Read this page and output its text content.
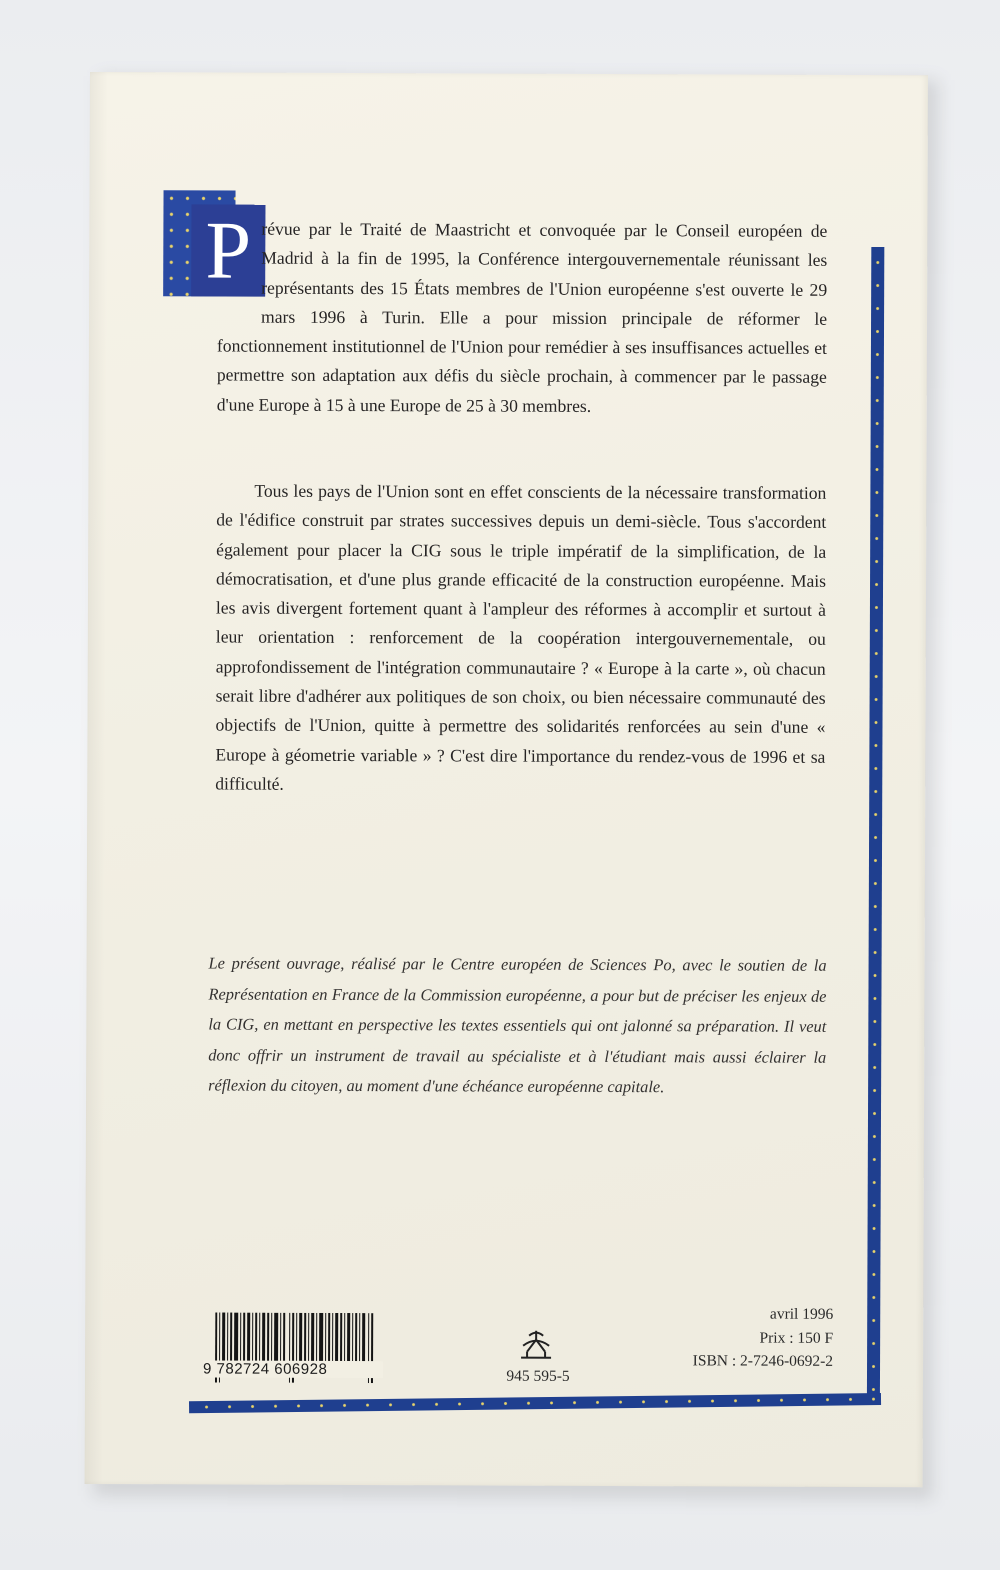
P révue par le Traité de Maastricht et convoquée par le Conseil européen de Madrid à la fin de 1995, la Conférence intergouvernementale réunissant les représentants des 15 États membres de l'Union européenne s'est ouverte le 29 mars 1996 à Turin. Elle a pour mission principale de réformer le fonctionnement institutionnel de l'Union pour remédier à ses insuffisances actuelles et permettre son adaptation aux défis du siècle prochain, à commencer par le passage d'une Europe à 15 à une Europe de 25 à 30 membres.
Tous les pays de l'Union sont en effet conscients de la nécessaire transformation de l'édifice construit par strates successives depuis un demi-siècle. Tous s'accordent également pour placer la CIG sous le triple impératif de la simplification, de la démocratisation, et d'une plus grande efficacité de la construction européenne. Mais les avis divergent fortement quant à l'ampleur des réformes à accomplir et surtout à leur orientation : renforcement de la coopération intergouvernementale, ou approfondissement de l'intégration communautaire ? « Europe à la carte », où chacun serait libre d'adhérer aux politiques de son choix, ou bien nécessaire communauté des objectifs de l'Union, quitte à permettre des solidarités renforcées au sein d'une « Europe à géometrie variable » ? C'est dire l'importance du rendez-vous de 1996 et sa difficulté.
Le présent ouvrage, réalisé par le Centre européen de Sciences Po, avec le soutien de la Représentation en France de la Commission européenne, a pour but de préciser les enjeux de la CIG, en mettant en perspective les textes essentiels qui ont jalonné sa préparation. Il veut donc offrir un instrument de travail au spécialiste et à l'étudiant mais aussi éclairer la réflexion du citoyen, au moment d'une échéance européenne capitale.
9 782724 606928	945 595-5
avril 1996
Prix : 150 F
ISBN : 2-7246-0692-2
